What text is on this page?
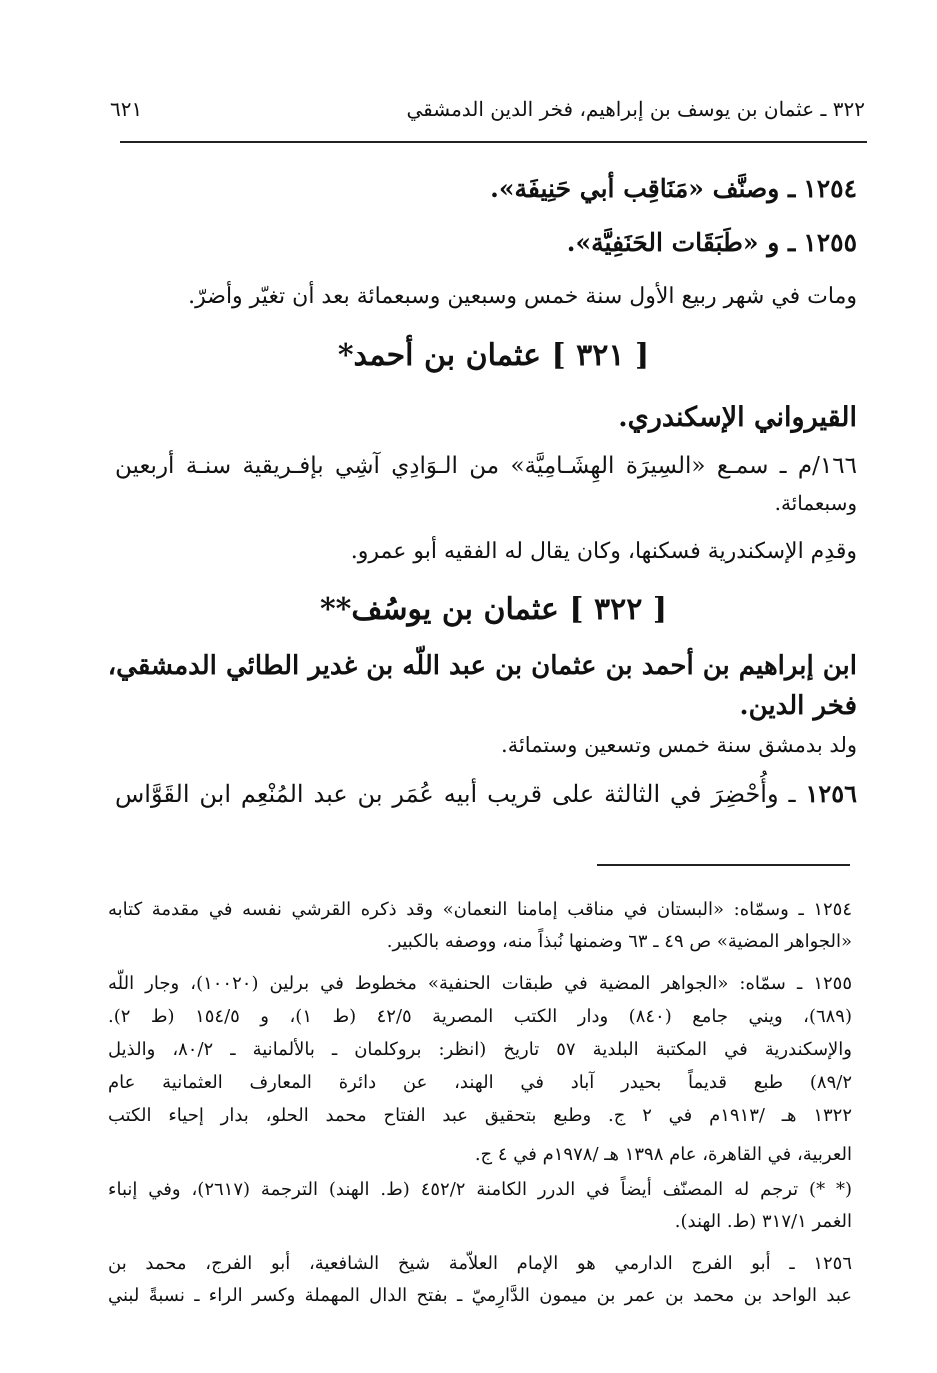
٣٢٢ ـ عثمان بن يوسف بن إبراهيم، فخر الدين الدمشقي
٦٢١
١٢٥٤ ـ وصنَّف «مَنَاقِب أبي حَنِيفَة».
١٢٥٥ ـ و «طَبَقَات الحَنَفِيَّة».
ومات في شهر ربيع الأول سنة خمس وسبعين وسبعمائة بعد أن تغيّر وأضرّ.
[ ٣٢١ ] عثمان بن أحمد*
القيرواني الإسكندري.
١٦٦/م ـ سمـع «السِيرَة الهِشَـامِيَّة» من الـوَادِي آشِي بإفـريقية سنـة أربعين
وسبعمائة.
وقدِم الإسكندرية فسكنها، وكان يقال له الفقيه أبو عمرو.
[ ٣٢٢ ] عثمان بن يوسُف**
ابن إبراهيم بن أحمد بن عثمان بن عبد اللّه بن غدير الطائي الدمشقي،
فخر الدين.
ولد بدمشق سنة خمس وتسعين وستمائة.
١٢٥٦ ـ وأُحْضِرَ في الثالثة على قريب أبيه عُمَر بن عبد المُنْعِم ابن القَوَّاس
١٢٥٤ ـ وسمّاه: «البستان في مناقب إمامنا النعمان» وقد ذكره القرشي نفسه في مقدمة كتابه
«الجواهر المضية» ص ٤٩ ـ ٦٣ وضمنها نُبذاً منه، ووصفه بالكبير.
١٢٥٥ ـ سمّاه: «الجواهر المضية في طبقات الحنفية» مخطوط في برلين (١٠٠٢٠)، وجار اللّه
(٦٨٩)، ويني جامع (٨٤٠) ودار الكتب المصرية ٤٢/٥ (ط ١)، و ١٥٤/٥ (ط ٢).
والإسكندرية في المكتبة البلدية ٥٧ تاريخ (انظر: بروكلمان ـ بالألمانية ـ ٨٠/٢، والذيل
٨٩/٢) طبع قديماً بحيدر آباد في الهند، عن دائرة المعارف العثمانية عام
١٣٢٢ هـ /١٩١٣م في ٢ ج. وطبع بتحقيق عبد الفتاح محمد الحلو، بدار إحياء الكتب
العربية، في القاهرة، عام ١٣٩٨ هـ /١٩٧٨م في ٤ ج.
(* *) ترجم له المصنّف أيضاً في الدرر الكامنة ٤٥٢/٢ (ط. الهند) الترجمة (٢٦١٧)، وفي إنباء
الغمر ٣١٧/١ (ط. الهند).
١٢٥٦ ـ أبو الفرج الدارمي هو الإمام العلاّمة شيخ الشافعية، أبو الفرج، محمد بن
عبد الواحد بن محمد بن عمر بن ميمون الدَّارِميّ ـ بفتح الدال المهملة وكسر الراء ـ نسبةً لبني
